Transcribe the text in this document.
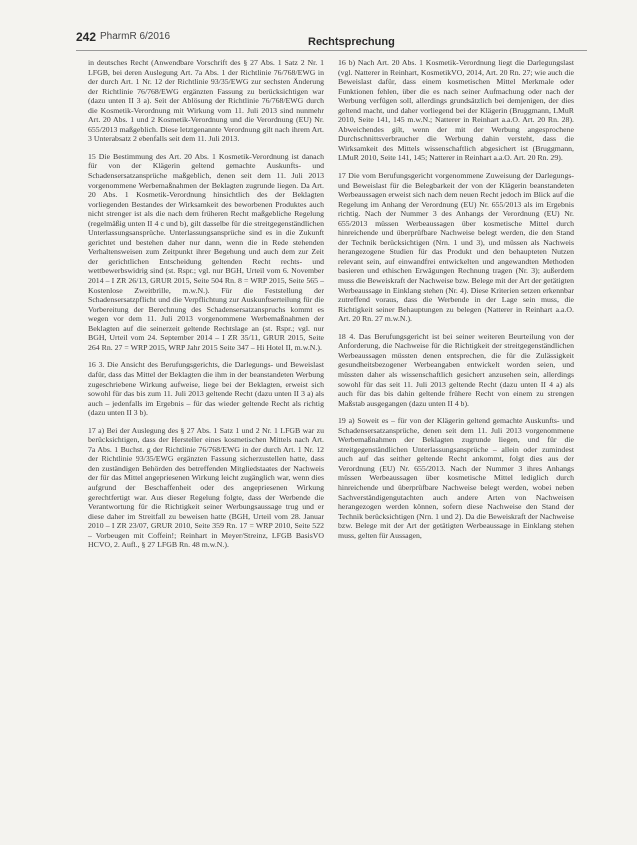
242 PharmR 6/2016	Rechtsprechung

in deutsches Recht (Anwendbare Vorschrift des § 27 Abs. 1 Satz 2 Nr. 1 LFGB, bei deren Auslegung Art. 7a Abs. 1 der Richtlinie 76/768/EWG in der durch Art. 1 Nr. 12 der Richtlinie 93/35/EWG zur sechsten Änderung der Richtlinie 76/768/EWG ergänzten Fassung zu berücksichtigen war (dazu unten II 3 a). Seit der Ablösung der Richtlinie 76/768/EWG durch die Kosmetik-Verordnung mit Wirkung vom 11. Juli 2013 sind nunmehr Art. 20 Abs. 1 und 2 Kosmetik-Verordnung und die Verordnung (EU) Nr. 655/2013 maßgeblich. Diese letztgenannte Verordnung gilt nach ihrem Art. 3 Unterabsatz 2 ebenfalls seit dem 11. Juli 2013.

15 Die Bestimmung des Art. 20 Abs. 1 Kosmetik-Verordnung ist danach für von der Klägerin geltend gemachte Auskunfts- und Schadensersatzansprüche maßgeblich, denen seit dem 11. Juli 2013 vorgenommene Werbemaßnahmen der Beklagten zugrunde liegen. Da Art. 20 Abs. 1 Kosmetik-Verordnung hinsichtlich des der Beklagten vorliegenden Bestandes der Wirksamkeit des beworbenen Produktes auch nicht strenger ist als die nach dem früheren Recht maßgebliche Regelung (regelmäßig unten II 4 c und b), gilt dasselbe für die streitgegenständlichen Unterlassungsansprüche. Unterlassungsansprüche sind es in die Zukunft gerichtet und bestehen daher nur dann, wenn die in Rede stehenden Verhaltensweisen zum Zeitpunkt ihrer Begehung und auch dem zur Zeit der gerichtlichen Entscheidung geltenden Recht rechts- und wettbewerbswidrig sind (st. Rspr.; vgl. nur BGH, Urteil vom 6. November 2014 – I ZR 26/13, GRUR 2015, Seite 504 Rn. 8 = WRP 2015, Seite 565 – Kostenlose Zweitbrille, m.w.N.). Für die Feststellung der Schadensersatzpflicht und die Verpflichtung zur Auskunftserteilung für die Vorbereitung der Berechnung des Schadensersatzanspruchs kommt es wegen vor dem 11. Juli 2013 vorgenommene Werbemaßnahmen der Beklagten auf die seinerzeit geltende Rechtslage an (st. Rspr.; vgl. nur BGH, Urteil vom 24. September 2014 – I ZR 35/11, GRUR 2015, Seite 264 Rn. 27 = WRP 2015, WRP Jahr 2015 Seite 347 – Hi Hotel II, m.w.N.).

16 3. Die Ansicht des Berufungsgerichts, die Darlegungs- und Beweislast dafür, dass das Mittel der Beklagten die ihm in der beanstandeten Werbung zugeschriebene Wirkung aufweise, liege bei der Beklagten, erweist sich sowohl für das bis zum 11. Juli 2013 geltende Recht (dazu unten II 3 a) als auch – jedenfalls im Ergebnis – für das wieder geltende Recht als richtig (dazu unten II 3 b).

17 a) Bei der Auslegung des § 27 Abs. 1 Satz 1 und 2 Nr. 1 LFGB war zu berücksichtigen, dass der Hersteller eines kosmetischen Mittels nach Art. 7a Abs. 1 Buchst. g der Richtlinie 76/768/EWG in der durch Art. 1 Nr. 12 der Richtlinie 93/35/EWG ergänzten Fassung sicherzustellen hatte, dass den zuständigen Behörden des betreffenden Mitgliedstaates der Nachweis der für das Mittel angepriesenen Wirkung leicht zugänglich war, wenn dies aufgrund der Beschaffenheit oder des angepriesenen Wirkung gerechtfertigt war. Aus dieser Regelung folgte, dass der Werbende die Verantwortung für die Richtigkeit seiner Werbungsaussage trug und er diese daher im Streitfall zu beweisen hatte (BGH, Urteil vom 28. Januar 2010 – I ZR 23/07, GRUR 2010, Seite 359 Rn. 17 = WRP 2010, Seite 522 – Vorbeugen mit Coffein!; Reinhart in Meyer/Streinz, LFGB BasisVO HCVO, 2. Aufl., § 27 LFGB Rn. 48 m.w.N.).

16 b) Nach Art. 20 Abs. 1 Kosmetik-Verordnung liegt die Darlegungslast (vgl. Natterer in Reinhart, KosmetikVO, 2014, Art. 20 Rn. 27; wie auch die Beweislast dafür, dass einem kosmetischen Mittel Merkmale oder Funktionen fehlen, über die es nach seiner Aufmachung oder nach der Werbung verfügen soll, allerdings grundsätzlich bei demjenigen, der dies geltend macht, und daher vorliegend bei der Klägerin (Bruggmann, LMuR 2010, Seite 141, 145 m.w.N.; Natterer in Reinhart a.a.O. Art. 20 Rn. 28). Abweichendes gilt, wenn der mit der Werbung angesprochene Durchschnittsverbraucher die Werbung dahin versteht, dass die Wirksamkeit des Mittels wissenschaftlich abgesichert ist (Bruggmann, LMuR 2010, Seite 141, 145; Natterer in Reinhart a.a.O. Art. 20 Rn. 29).

17 Die vom Berufungsgericht vorgenommene Zuweisung der Darlegungs- und Beweislast für die Belegbarkeit der von der Klägerin beanstandeten Werbeaussagen erweist sich nach dem neuen Recht jedoch im Blick auf die Regelung im Anhang der Verordnung (EU) Nr. 655/2013 als im Ergebnis richtig. Nach der Nummer 3 des Anhangs der Verordnung (EU) Nr. 655/2013 müssen Werbeaussagen über kosmetische Mittel durch hinreichende und überprüfbare Nachweise belegt werden, die den Stand der Technik berücksichtigen (Nrn. 1 und 3), und müssen als Nachweis herangezogene Studien für das Produkt und den behaupteten Nutzen relevant sein, auf einwandfrei entwickelten und angewandten Methoden basieren und ethischen Erwägungen Rechnung tragen (Nr. 3); außerdem muss die Beweiskraft der Nachweise bzw. Belege mit der Art der getätigten Werbeaussage in Einklang stehen (Nr. 4). Diese Kriterien setzen erkennbar zutreffend voraus, dass die Werbende in der Lage sein muss, die Richtigkeit seiner Behauptungen zu belegen (Natterer in Reinhart a.a.O. Art. 20 Rn. 27 m.w.N.).

18 4. Das Berufungsgericht ist bei seiner weiteren Beurteilung von der Anforderung, die Nachweise für die Richtigkeit der streitgegenständlichen Werbeaussagen müssten denen entsprechen, die für die Zulässigkeit gesundheitsbezogener Werbeangaben entwickelt worden seien, und müssten daher als wissenschaftlich gesichert anzusehen sein, allerdings sowohl für das seit 11. Juli 2013 geltende Recht (dazu unten II 4 a) als auch für das bis dahin geltende frühere Recht von einem zu strengen Maßstab ausgegangen (dazu unten II 4 b).

19 a) Soweit es – für von der Klägerin geltend gemachte Auskunfts- und Schadensersatzansprüche, denen seit dem 11. Juli 2013 vorgenommene Werbemaßnahmen der Beklagten zugrunde liegen, und für die streitgegenständlichen Unterlassungsansprüche – allein oder zumindest auch auf das seither geltende Recht ankommt, folgt dies aus der Verordnung (EU) Nr. 655/2013. Nach der Nummer 3 ihres Anhangs müssen Werbeaussagen über kosmetische Mittel lediglich durch hinreichende und überprüfbare Nachweise belegt werden, wobei neben Sachverständigengutachten auch andere Arten von Nachweisen herangezogen werden können, sofern diese Nachweise den Stand der Technik berücksichtigen (Nrn. 1 und 2). Da die Beweiskraft der Nachweise bzw. Belege mit der Art der getätigten Werbeaussage in Einklang stehen muss, gelten für Aussagen,
